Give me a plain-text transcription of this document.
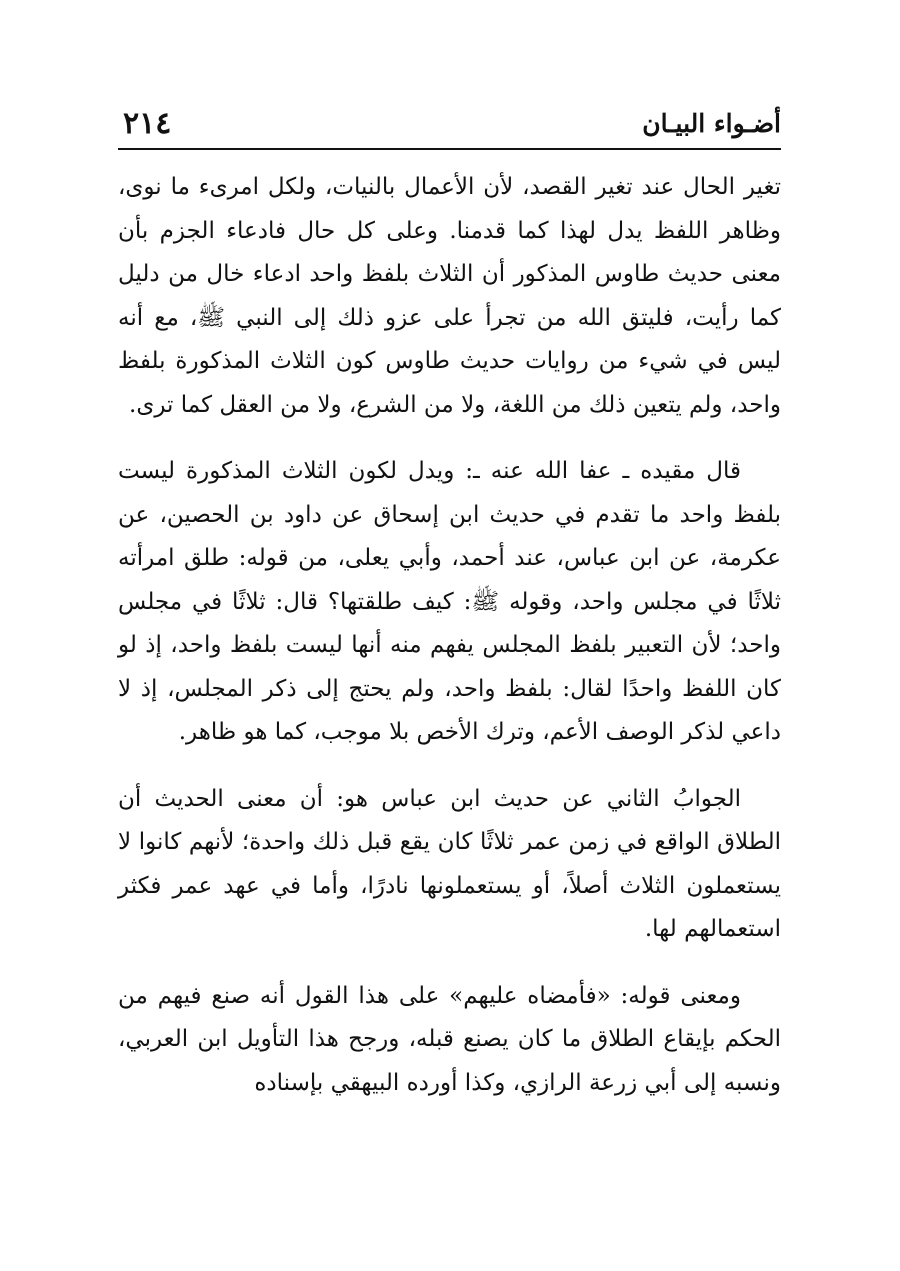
٢١٤	أضـواء البيـان

تغير الحال عند تغير القصد، لأن الأعمال بالنيات، ولكل امرىء ما نوى، وظاهر اللفظ يدل لهذا كما قدمنا. وعلى كل حال فادعاء الجزم بأن معنى حديث طاوس المذكور أن الثلاث بلفظ واحد ادعاء خال من دليل كما رأيت، فليتق الله من تجرأ على عزو ذلك إلى النبي ﷺ، مع أنه ليس في شيء من روايات حديث طاوس كون الثلاث المذكورة بلفظ واحد، ولم يتعين ذلك من اللغة، ولا من الشرع، ولا من العقل كما ترى.

قال مقيده ـ عفا الله عنه ـ: ويدل لكون الثلاث المذكورة ليست بلفظ واحد ما تقدم في حديث ابن إسحاق عن داود بن الحصين، عن عكرمة، عن ابن عباس، عند أحمد، وأبي يعلى، من قوله: طلق امرأته ثلاثًا في مجلس واحد، وقوله ﷺ: كيف طلقتها؟ قال: ثلاثًا في مجلس واحد؛ لأن التعبير بلفظ المجلس يفهم منه أنها ليست بلفظ واحد، إذ لو كان اللفظ واحدًا لقال: بلفظ واحد، ولم يحتج إلى ذكر المجلس، إذ لا داعي لذكر الوصف الأعم، وترك الأخص بلا موجب، كما هو ظاهر.

الجوابُ الثاني عن حديث ابن عباس هو: أن معنى الحديث أن الطلاق الواقع في زمن عمر ثلاثًا كان يقع قبل ذلك واحدة؛ لأنهم كانوا لا يستعملون الثلاث أصلاً، أو يستعملونها نادرًا، وأما في عهد عمر فكثر استعمالهم لها.

ومعنى قوله: «فأمضاه عليهم» على هذا القول أنه صنع فيهم من الحكم بإيقاع الطلاق ما كان يصنع قبله، ورجح هذا التأويل ابن العربي، ونسبه إلى أبي زرعة الرازي، وكذا أورده البيهقي بإسناده
